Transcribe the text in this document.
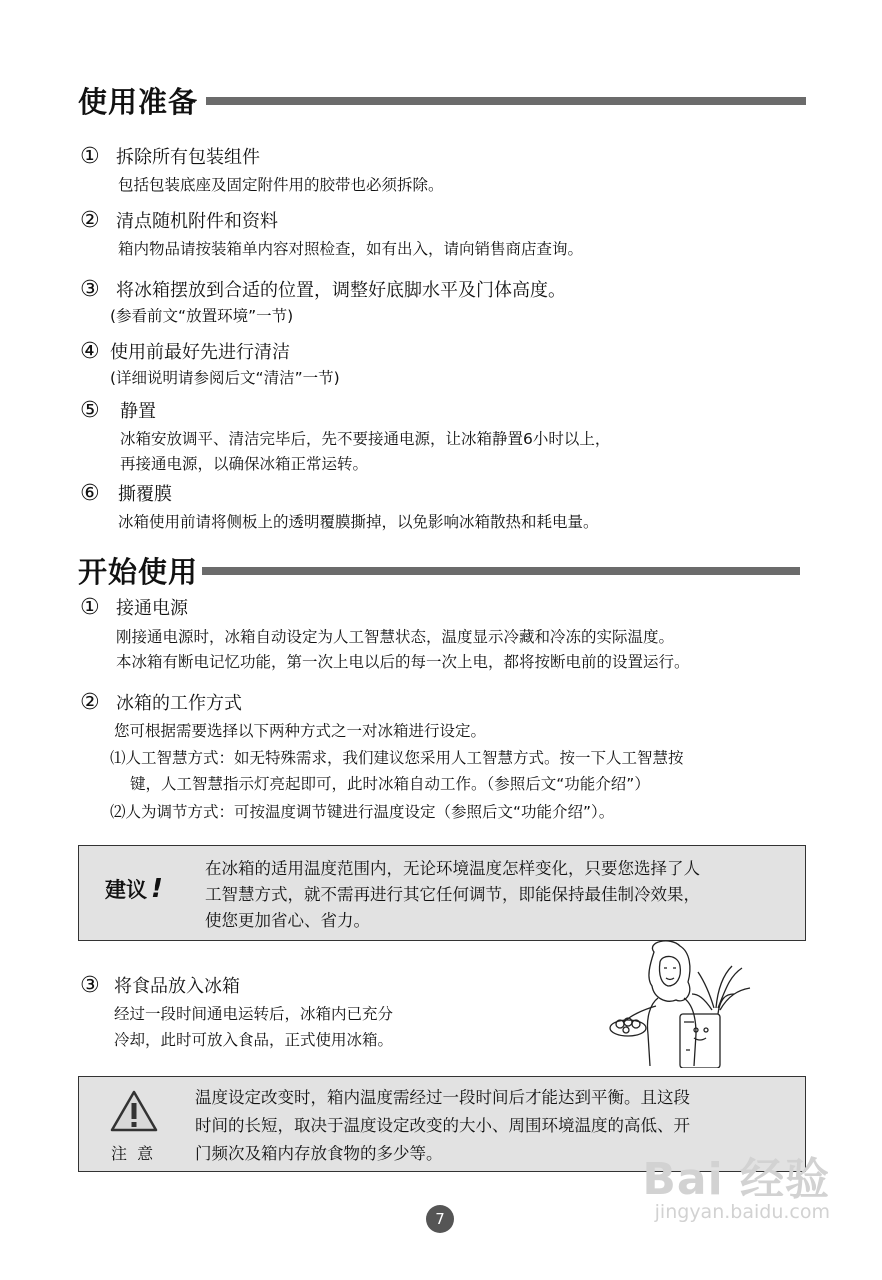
使用准备
① 拆除所有包装组件
包括包装底座及固定附件用的胶带也必须拆除。
② 清点随机附件和资料
箱内物品请按装箱单内容对照检查，如有出入，请向销售商店查询。
③ 将冰箱摆放到合适的位置，调整好底脚水平及门体高度。
(参看前文“放置环境”一节)
④ 使用前最好先进行清洁
(详细说明请参阅后文“清洁”一节)
⑤ 静置
冰箱安放调平、清洁完毕后，先不要接通电源，让冰箱静置6小时以上，
再接通电源，以确保冰箱正常运转。
⑥ 撕覆膜
冰箱使用前请将侧板上的透明覆膜撕掉，以免影响冰箱散热和耗电量。
开始使用
① 接通电源
刚接通电源时，冰箱自动设定为人工智慧状态，温度显示冷藏和冷冻的实际温度。
本冰箱有断电记忆功能，第一次上电以后的每一次上电，都将按断电前的设置运行。
② 冰箱的工作方式
您可根据需要选择以下两种方式之一对冰箱进行设定。
⑴人工智慧方式：如无特殊需求，我们建议您采用人工智慧方式。按一下人工智慧按
键，人工智慧指示灯亮起即可，此时冰箱自动工作。（参照后文“功能介绍”）
⑵人为调节方式：可按温度调节键进行温度设定（参照后文“功能介绍”）。
建议 !
在冰箱的适用温度范围内，无论环境温度怎样变化，只要您选择了人
工智慧方式，就不需再进行其它任何调节，即能保持最佳制冷效果，
使您更加省心、省力。
③ 将食品放入冰箱
经过一段时间通电运转后，冰箱内已充分
冷却，此时可放入食品，正式使用冰箱。
注  意
温度设定改变时，箱内温度需经过一段时间后才能达到平衡。且这段
时间的长短，取决于温度设定改变的大小、周围环境温度的高低、开
门频次及箱内存放食物的多少等。
7
Bai 经验
jingyan.baidu.com
